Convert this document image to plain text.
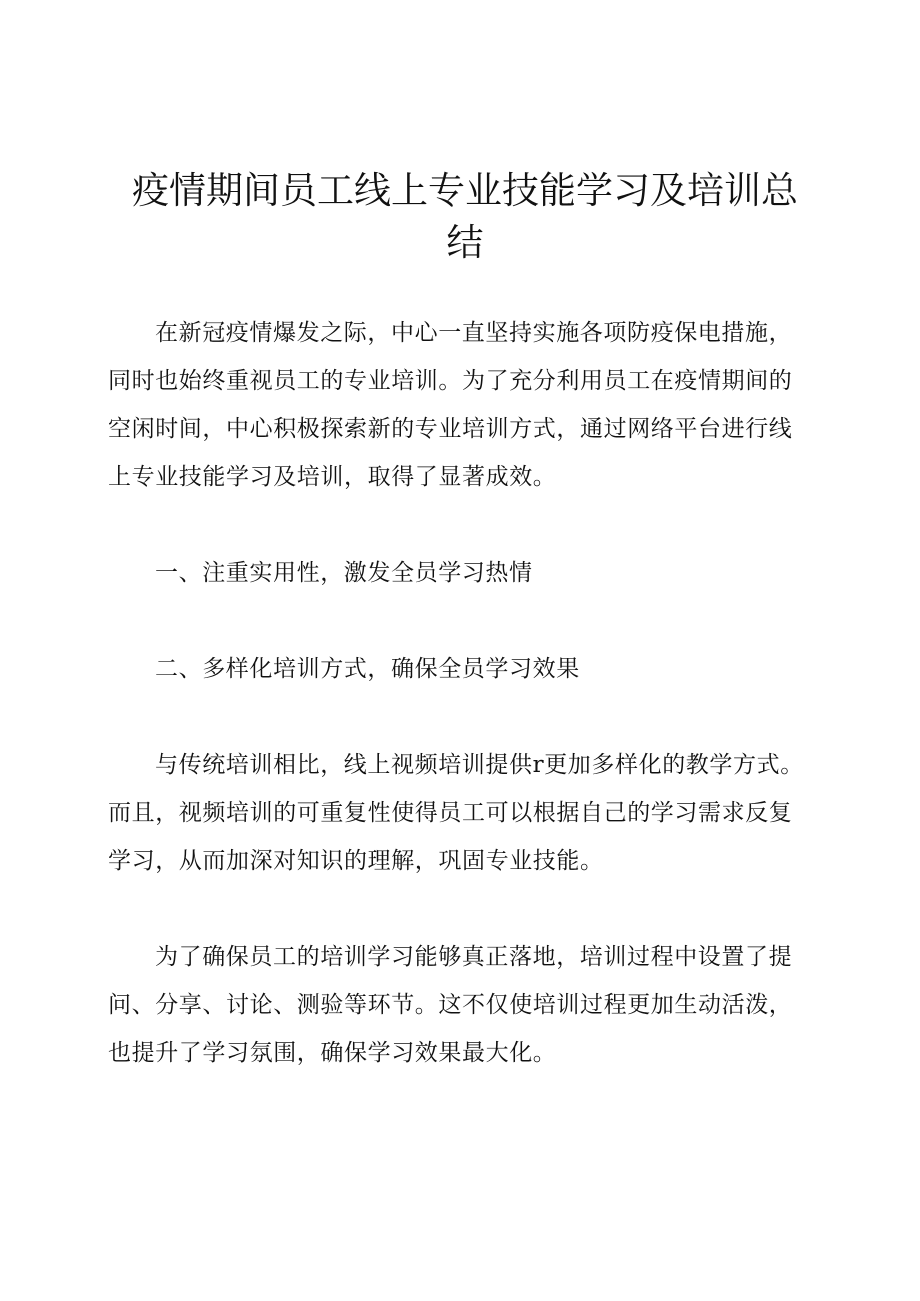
疫情期间员工线上专业技能学习及培训总结

在新冠疫情爆发之际，中心一直坚持实施各项防疫保电措施，同时也始终重视员工的专业培训。为了充分利用员工在疫情期间的空闲时间，中心积极探索新的专业培训方式，通过网络平台进行线上专业技能学习及培训，取得了显著成效。

一、注重实用性，激发全员学习热情

二、多样化培训方式，确保全员学习效果

与传统培训相比，线上视频培训提供r更加多样化的教学方式。而且，视频培训的可重复性使得员工可以根据自己的学习需求反复学习，从而加深对知识的理解，巩固专业技能。

为了确保员工的培训学习能够真正落地，培训过程中设置了提问、分享、讨论、测验等环节。这不仅使培训过程更加生动活泼，也提升了学习氛围，确保学习效果最大化。
